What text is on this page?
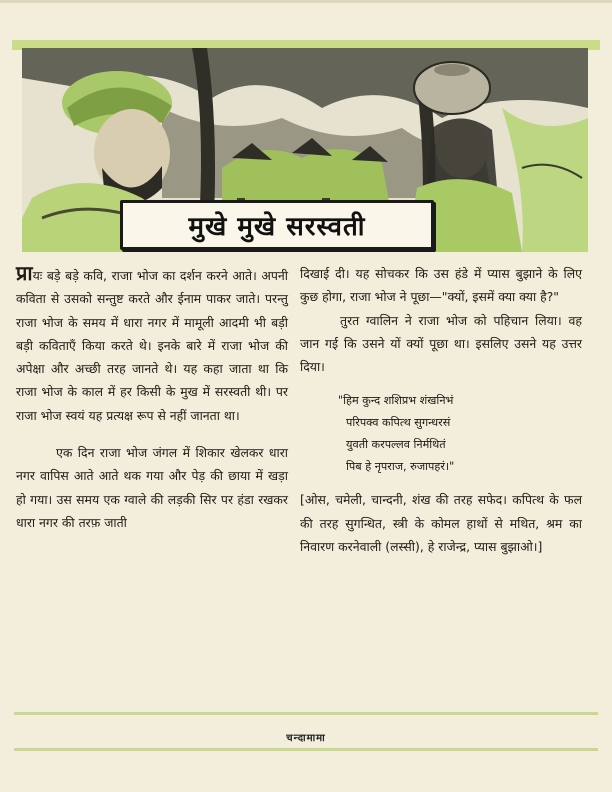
मुखे मुखे सरस्वती

प्रायः बड़े बड़े कवि, राजा भोज का दर्शन करने आते। अपनी कविता से उसको सन्तुष्ट करते और ईनाम पाकर जाते। परन्तु राजा भोज के समय में धारा नगर में मामूली आदमी भी बड़ी बड़ी कविताएँ किया करते थे। इनके बारे में राजा भोज की अपेक्षा और अच्छी तरह जानते थे। यह कहा जाता था कि राजा भोज के काल में हर किसी के मुख में सरस्वती थी। पर राजा भोज स्वयं यह प्रत्यक्ष रूप से नहीं जानता था।

एक दिन राजा भोज जंगल में शिकार खेलकर धारा नगर वापिस आते आते थक गया और पेड़ की छाया में खड़ा हो गया। उस समय एक ग्वाले की लड़की सिर पर हंडा रखकर धारा नगर की तरफ़ जाती

दिखाई दी। यह सोचकर कि उस हंडे में प्यास बुझाने के लिए कुछ होगा, राजा भोज ने पूछा—"क्यों, इसमें क्या क्या है?"

तुरत ग्वालिन ने राजा भोज को पहिचान लिया। वह जान गई कि उसने यों क्यों पूछा था। इसलिए उसने यह उत्तर दिया।

"हिम कुन्द शशिप्रभ शंखनिभं
परिपक्व कपित्थ सुगन्धरसं
युवती करपल्लव निर्मथितं
पिब हे नृपराज, रुजापहरं।"

[ओस, चमेली, चान्दनी, शंख की तरह सफेद। कपित्थ के फल की तरह सुगन्धित, स्त्री के कोमल हाथों से मथित, श्रम का निवारण करनेवाली (लस्सी), हे राजेन्द्र, प्यास बुझाओ।]

चन्दामामा
